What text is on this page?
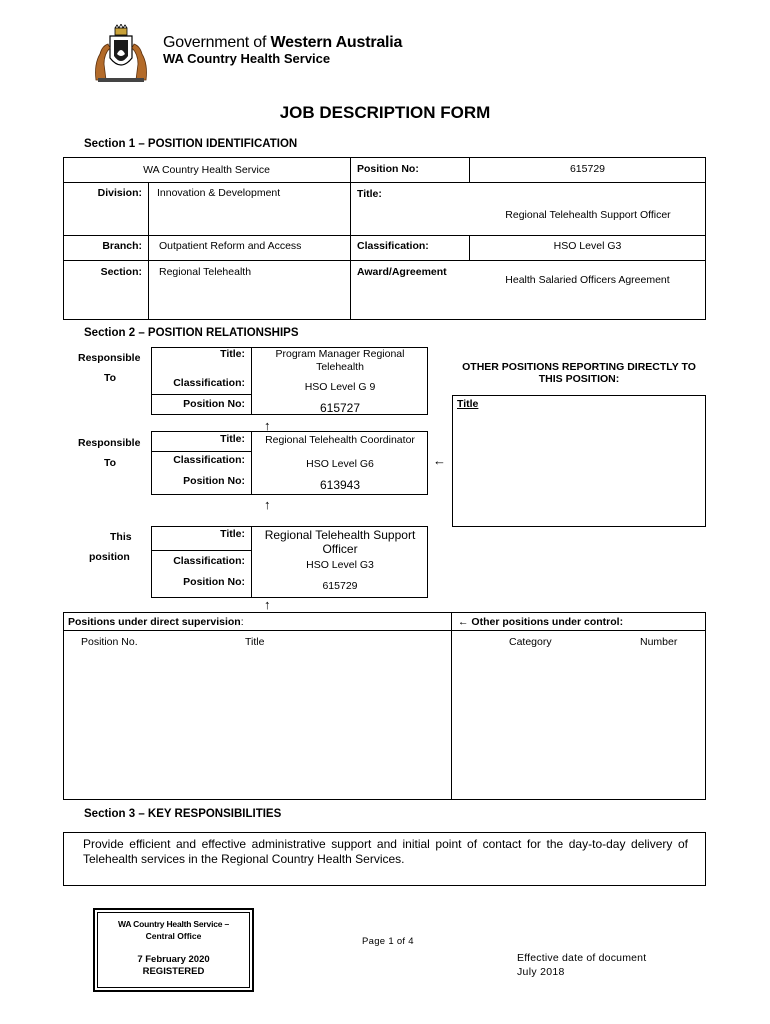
Government of Western Australia
WA Country Health Service
JOB DESCRIPTION FORM
Section 1 – POSITION IDENTIFICATION
WA Country Health Service	Position No:	615729
Division: Innovation & Development	Title:
Regional Telehealth Support Officer
Branch: Outpatient Reform and Access	Classification:	HSO Level G3
Section: Regional Telehealth	Award/Agreement
Health Salaried Officers Agreement
Section 2 – POSITION RELATIONSHIPS
Responsible
To
Responsible
To
This
position
Title:	Program Manager Regional
Telehealth
Classification:	HSO Level G 9
Position No:	615727
↑
Title:	Regional Telehealth Coordinator
Classification:	HSO Level G6
Position No:	613943
←
↑
Title:	Regional Telehealth Support
Officer
Classification:	HSO Level G3
Position No:	615729
↑
OTHER POSITIONS REPORTING DIRECTLY TO
THIS POSITION:
Title
Positions under direct supervision:
Position No.	Title
← Other positions under control:
Category	Number
Section 3 – KEY RESPONSIBILITIES
Provide efficient and effective administrative support and initial point of contact for the day-to-day delivery of
Telehealth services in the Regional Country Health Services.
WA Country Health Service –
Central Office
7 February 2020
REGISTERED
Page 1 of 4
Effective date of document
July 2018
